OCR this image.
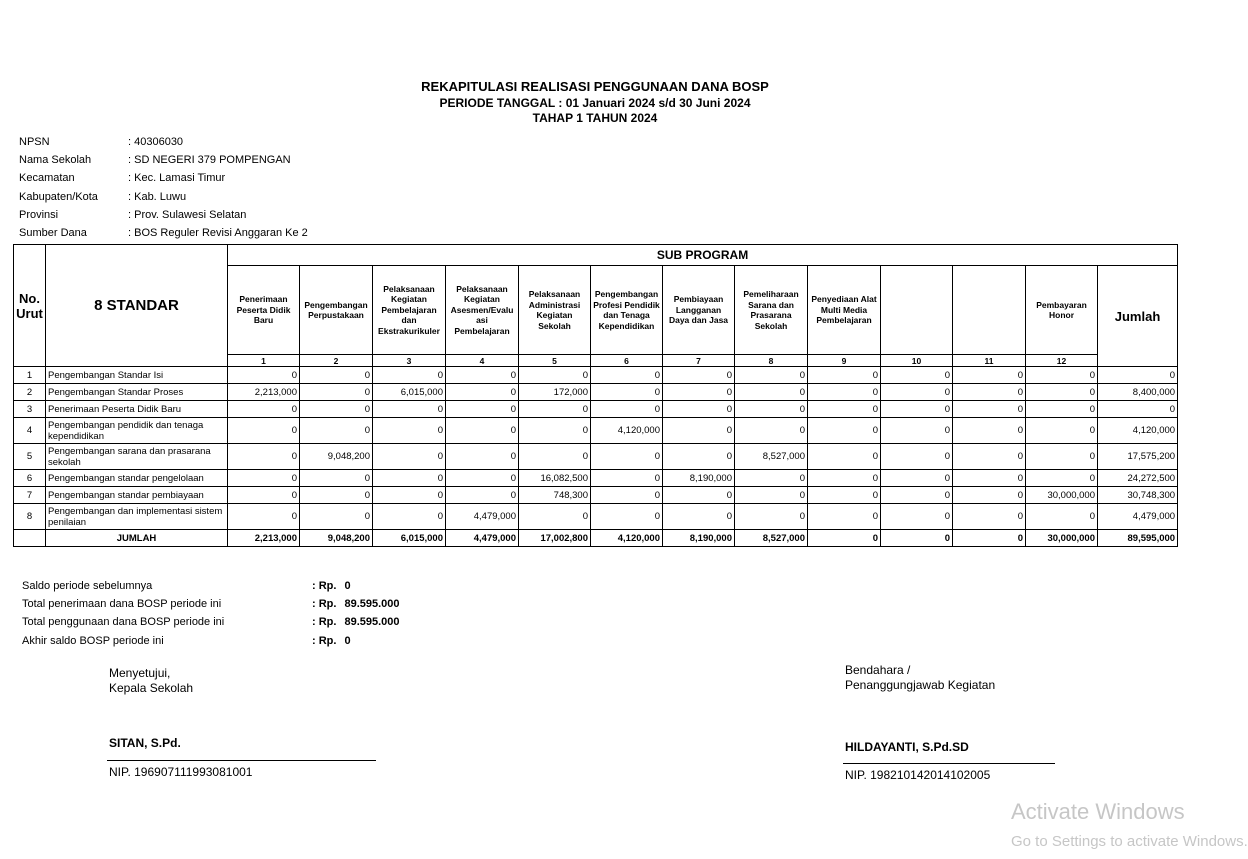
REKAPITULASI REALISASI PENGGUNAAN DANA BOSP
PERIODE TANGGAL : 01 Januari 2024 s/d 30 Juni 2024
TAHAP 1 TAHUN 2024
NPSN	: 40306030
Nama Sekolah	: SD NEGERI 379 POMPENGAN
Kecamatan	: Kec. Lamasi Timur
Kabupaten/Kota	: Kab. Luwu
Provinsi	: Prov. Sulawesi Selatan
Sumber Dana	: BOS Reguler Revisi Anggaran Ke 2
No. Urut	8 STANDAR	SUB PROGRAM												
		Penerimaan Peserta Didik Baru	Pengembangan Perpustakaan	Pelaksanaan Kegiatan Pembelajaran dan Ekstrakurikuler	Pelaksanaan Kegiatan Asesmen/Evalu asi Pembelajaran	Pelaksanaan Administrasi Kegiatan Sekolah	Pengembangan Profesi Pendidik dan Tenaga Kependidikan	Pembiayaan Langganan Daya dan Jasa	Pemeliharaan Sarana dan Prasarana Sekolah	Penyediaan Alat Multi Media Pembelajaran			Pembayaran Honor	Jumlah
		1	2	3	4	5	6	7	8	9	10	11	12	
1	Pengembangan Standar Isi	0	0	0	0	0	0	0	0	0	0	0	0	0
2	Pengembangan Standar Proses	2,213,000	0	6,015,000	0	172,000	0	0	0	0	0	0	0	8,400,000
3	Penerimaan Peserta Didik Baru	0	0	0	0	0	0	0	0	0	0	0	0	0
4	Pengembangan pendidik dan tenaga kependidikan	0	0	0	0	0	4,120,000	0	0	0	0	0	0	4,120,000
5	Pengembangan sarana dan prasarana sekolah	0	9,048,200	0	0	0	0	0	8,527,000	0	0	0	0	17,575,200
6	Pengembangan standar pengelolaan	0	0	0	0	16,082,500	0	8,190,000	0	0	0	0	0	24,272,500
7	Pengembangan standar pembiayaan	0	0	0	0	748,300	0	0	0	0	0	0	30,000,000	30,748,300
8	Pengembangan dan implementasi sistem penilaian	0	0	0	4,479,000	0	0	0	0	0	0	0	0	4,479,000
	JUMLAH	2,213,000	9,048,200	6,015,000	4,479,000	17,002,800	4,120,000	8,190,000	8,527,000	0	0	0	30,000,000	89,595,000
Saldo periode sebelumnya	: Rp. 0
Total penerimaan dana BOSP periode ini	: Rp. 89.595.000
Total penggunaan dana BOSP periode ini	: Rp. 89.595.000
Akhir saldo BOSP periode ini	: Rp. 0
Menyetujui,
Kepala Sekolah
SITAN, S.Pd.
NIP. 196907111993081001
Bendahara /
Penanggungjawab Kegiatan
HILDAYANTI, S.Pd.SD
NIP. 198210142014102005
Activate Windows
Go to Settings to activate Windows.
